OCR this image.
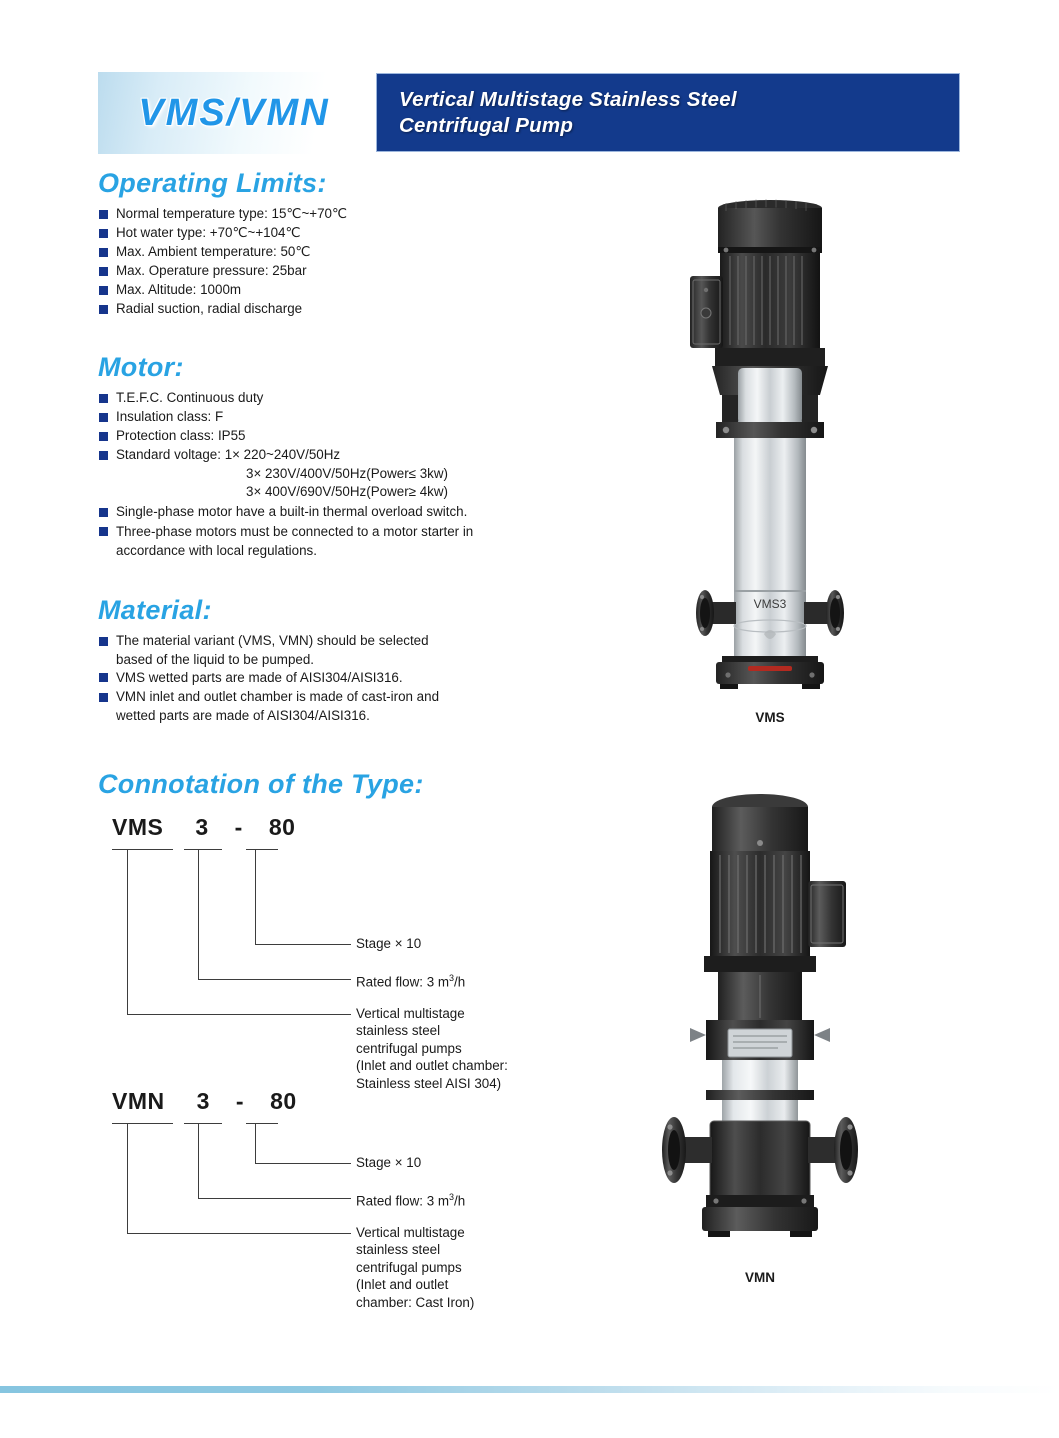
VMS/VMN	Vertical Multistage Stainless Steel
Centrifugal Pump
Operating Limits:
Normal temperature type: 15℃~+70℃
Hot water type: +70℃~+104℃
Max. Ambient temperature: 50℃
Max. Operature pressure: 25bar
Max. Altitude: 1000m
Radial suction, radial discharge
Motor:
T.E.F.C. Continuous duty
Insulation class: F
Protection class: IP55
Standard voltage: 1× 220~240V/50Hz
3× 230V/400V/50Hz(Power≤ 3kw)
3× 400V/690V/50Hz(Power≥ 4kw)
Single-phase motor have a built-in thermal overload switch.
Three-phase motors must be connected to a motor starter in
accordance with local regulations.
Material:
The material variant (VMS, VMN) should be selected
based of the liquid to be pumped.
VMS wetted parts are made of AISI304/AISI316.
VMN inlet and outlet chamber is made of cast-iron and
wetted parts are made of AISI304/AISI316.
Connotation of the Type:
VMS 3 - 80
Stage × 10
Rated flow: 3 $m^3/h$
Vertical multistage
stainless steel
centrifugal pumps
(Inlet and outlet chamber:
Stainless steel AISI 304)
VMN 3 - 80
Stage × 10
Rated flow: 3 $m^3/h$
Vertical multistage
stainless steel
centrifugal pumps
(Inlet and outlet
chamber: Cast Iron)
VMS3
VMS
VMN
